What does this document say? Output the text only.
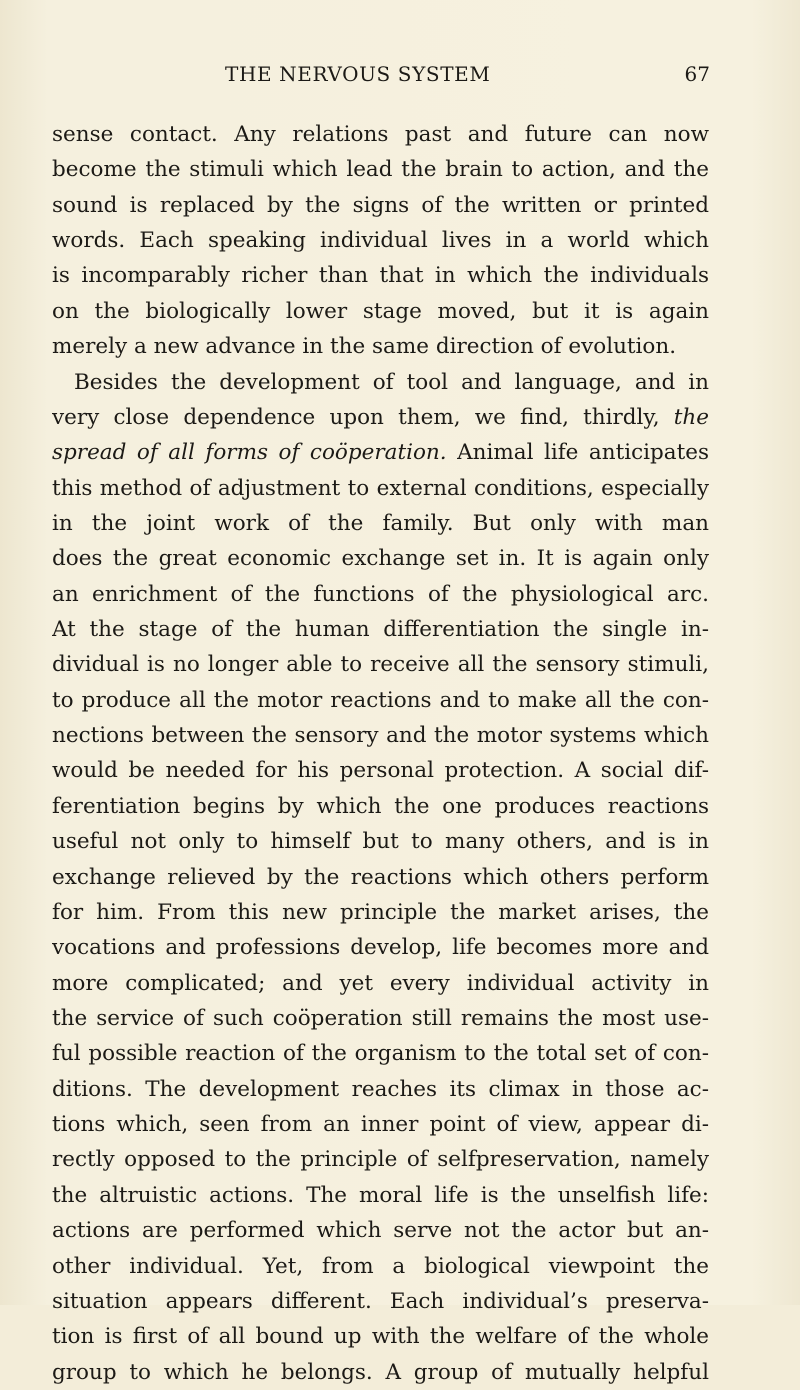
THE NERVOUS SYSTEM	67
sense contact. Any relations past and future can now
become the stimuli which lead the brain to action, and the
sound is replaced by the signs of the written or printed
words. Each speaking individual lives in a world which
is incomparably richer than that in which the individuals
on the biologically lower stage moved, but it is again
merely a new advance in the same direction of evolution.
Besides the development of tool and language, and in
very close dependence upon them, we find, thirdly, the
spread of all forms of coöperation. Animal life anticipates
this method of adjustment to external conditions, especially
in the joint work of the family. But only with man
does the great economic exchange set in. It is again only
an enrichment of the functions of the physiological arc.
At the stage of the human differentiation the single in-
dividual is no longer able to receive all the sensory stimuli,
to produce all the motor reactions and to make all the con-
nections between the sensory and the motor systems which
would be needed for his personal protection. A social dif-
ferentiation begins by which the one produces reactions
useful not only to himself but to many others, and is in
exchange relieved by the reactions which others perform
for him. From this new principle the market arises, the
vocations and professions develop, life becomes more and
more complicated; and yet every individual activity in
the service of such coöperation still remains the most use-
ful possible reaction of the organism to the total set of con-
ditions. The development reaches its climax in those ac-
tions which, seen from an inner point of view, appear di-
rectly opposed to the principle of selfpreservation, namely
the altruistic actions. The moral life is the unselfish life:
actions are performed which serve not the actor but an-
other individual. Yet, from a biological viewpoint the
situation appears different. Each individual’s preserva-
tion is first of all bound up with the welfare of the whole
group to which he belongs. A group of mutually helpful
